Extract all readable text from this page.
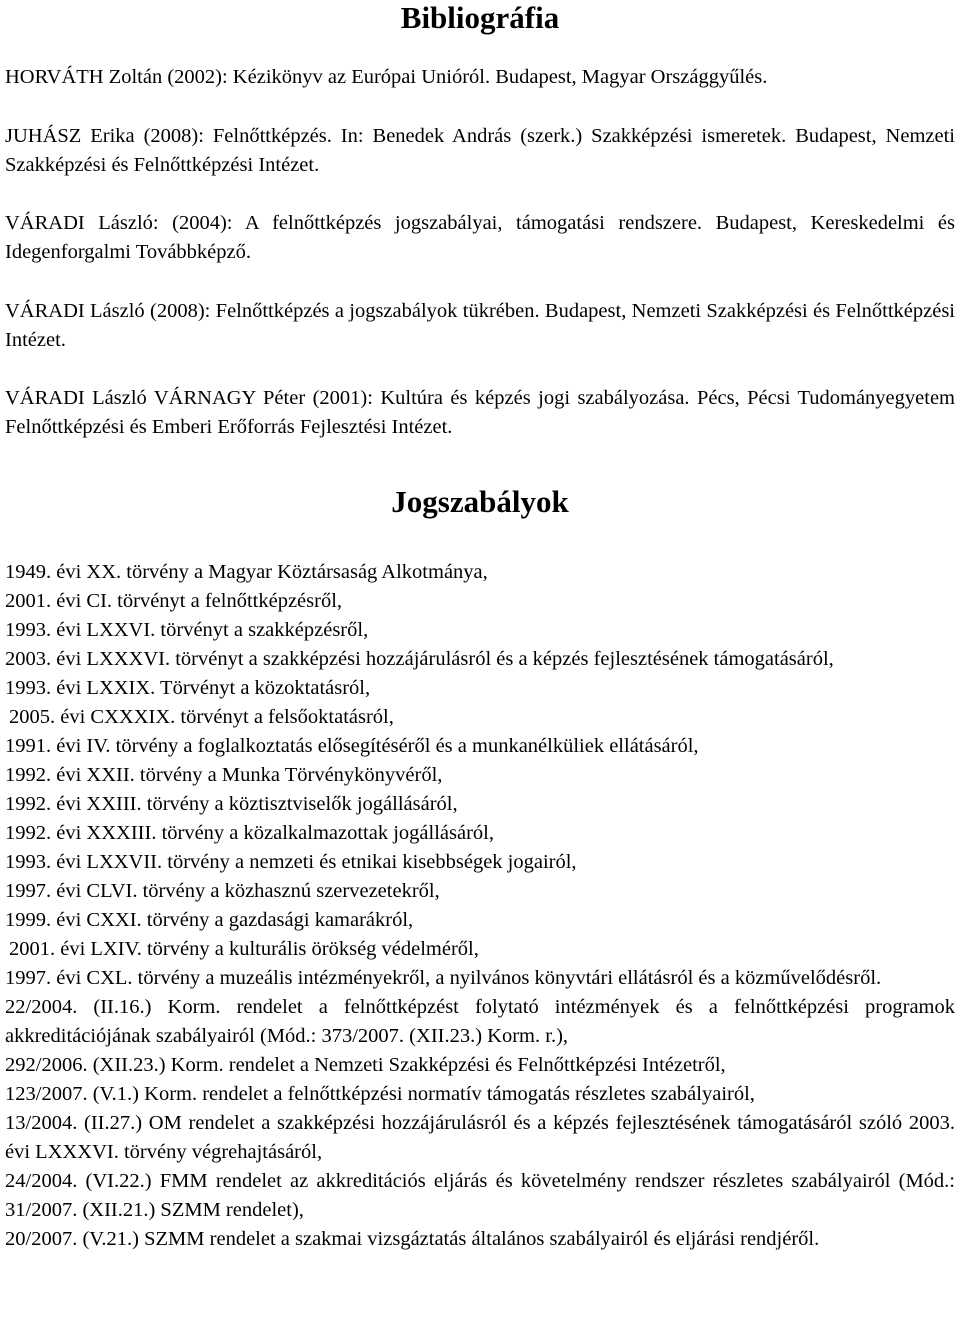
Bibliográfia

HORVÁTH Zoltán (2002): Kézikönyv az Európai Unióról. Budapest, Magyar Országgyűlés.

JUHÁSZ Erika (2008): Felnőttképzés. In: Benedek András (szerk.) Szakképzési ismeretek. Budapest, Nemzeti Szakképzési és Felnőttképzési Intézet.

VÁRADI László: (2004): A felnőttképzés jogszabályai, támogatási rendszere. Budapest, Kereskedelmi és Idegenforgalmi Továbbképző.

VÁRADI László (2008): Felnőttképzés a jogszabályok tükrében. Budapest, Nemzeti Szakképzési és Felnőttképzési Intézet.

VÁRADI László VÁRNAGY Péter (2001): Kultúra és képzés jogi szabályozása. Pécs, Pécsi Tudományegyetem Felnőttképzési és Emberi Erőforrás Fejlesztési Intézet.

Jogszabályok

1949. évi XX. törvény a Magyar Köztársaság Alkotmánya,

2001. évi CI. törvényt a felnőttképzésről,

1993. évi LXXVI. törvényt a szakképzésről,

2003. évi LXXXVI. törvényt a szakképzési hozzájárulásról és a képzés fejlesztésének támogatásáról,

1993. évi LXXIX. Törvényt a közoktatásról,

2005. évi CXXXIX. törvényt a felsőoktatásról,

1991. évi IV. törvény a foglalkoztatás elősegítéséről és a munkanélküliek ellátásáról,

1992. évi XXII. törvény a Munka Törvénykönyvéről,

1992. évi XXIII. törvény a köztisztviselők jogállásáról,

1992. évi XXXIII. törvény a közalkalmazottak jogállásáról,

1993. évi LXXVII. törvény a nemzeti és etnikai kisebbségek jogairól,

1997. évi CLVI. törvény a közhasznú szervezetekről,

1999. évi CXXI. törvény a gazdasági kamarákról,

2001. évi LXIV. törvény a kulturális örökség védelméről,

1997. évi CXL. törvény a muzeális intézményekről, a nyilvános könyvtári ellátásról és a közművelődésről.

22/2004. (II.16.) Korm. rendelet a felnőttképzést folytató intézmények és a felnőttképzési programok akkreditációjának szabályairól (Mód.: 373/2007. (XII.23.) Korm. r.),

292/2006. (XII.23.) Korm. rendelet a Nemzeti Szakképzési és Felnőttképzési Intézetről,

123/2007. (V.1.) Korm. rendelet a felnőttképzési normatív támogatás részletes szabályairól,

13/2004. (II.27.) OM rendelet a szakképzési hozzájárulásról és a képzés fejlesztésének támogatásáról szóló 2003. évi LXXXVI. törvény végrehajtásáról,

24/2004. (VI.22.) FMM rendelet az akkreditációs eljárás és követelmény rendszer részletes szabályairól (Mód.: 31/2007. (XII.21.) SZMM rendelet),

20/2007. (V.21.) SZMM rendelet a szakmai vizsgáztatás általános szabályairól és eljárási rendjéről.
